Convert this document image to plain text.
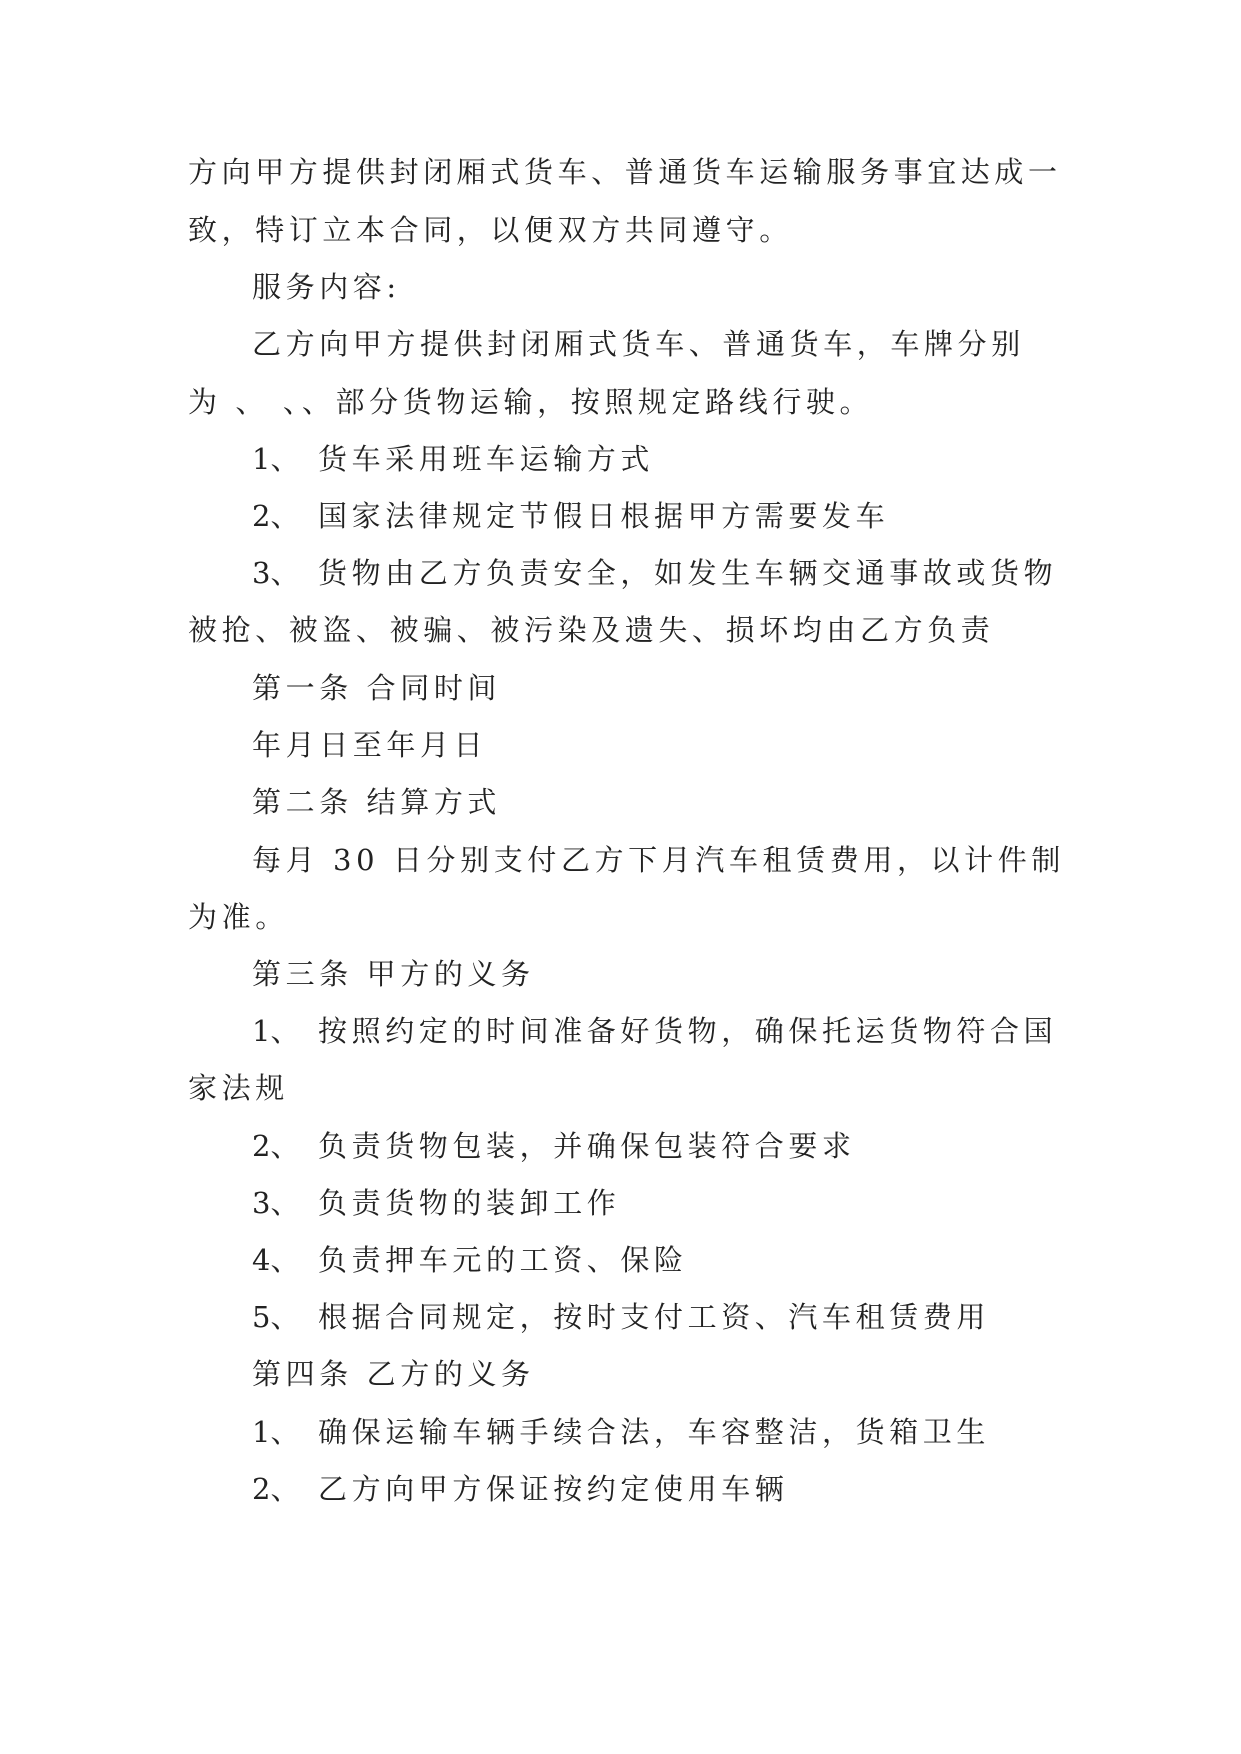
方向甲方提供封闭厢式货车、普通货车运输服务事宜达成一
致，特订立本合同，以便双方共同遵守。
服务内容:
乙方向甲方提供封闭厢式货车、普通货车，车牌分别
为 、 、、部分货物运输，按照规定路线行驶。
1、 货车采用班车运输方式
2、 国家法律规定节假日根据甲方需要发车
3、 货物由乙方负责安全，如发生车辆交通事故或货物
被抢、被盗、被骗、被污染及遗失、损坏均由乙方负责
第一条 合同时间
年月日至年月日
第二条 结算方式
每月 30 日分别支付乙方下月汽车租赁费用，以计件制
为准。
第三条 甲方的义务
1、 按照约定的时间准备好货物，确保托运货物符合国
家法规
2、 负责货物包装，并确保包装符合要求
3、 负责货物的装卸工作
4、 负责押车元的工资、保险
5、 根据合同规定，按时支付工资、汽车租赁费用
第四条 乙方的义务
1、 确保运输车辆手续合法，车容整洁，货箱卫生
2、 乙方向甲方保证按约定使用车辆
